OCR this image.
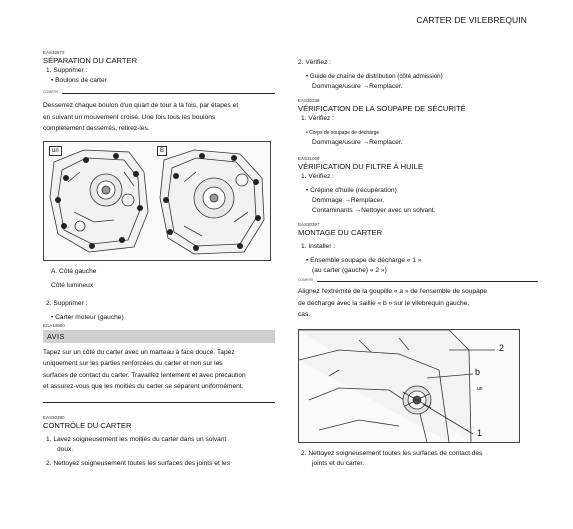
CARTER DE VILEBREQUIN
EAS32673
SÉPARATION DU CARTER
1. Supprimer :
• Boulons de carter
COMERS
Desserrez chaque boulon d'un quart de tour à la fois, par étapes et
en suivant un mouvement croisé. Une fois tous les boulons
complètement desserrés, retirez-les.
un	B
A. Côté gauche
Côté lumineux
2. Supprimer :
• Carter moteur (gauche)
ECA13900
AVIS
Tapez sur un côté du carter avec un marteau à face douce. Tapez
uniquement sur les parties renforcées du carter et non sur les
surfaces de contact du carter. Travaillez lentement et avec précaution
et assurez-vous que les moitiés du carter se séparent uniformément.
EAS30390
CONTRÔLE DU CARTER
1. Lavez soigneusement les moitiés du carter dans un solvant
doux.
2. Nettoyez soigneusement toutes les surfaces des joints et les
2. Vérifiez :
• Guide de chaîne de distribution (côté admission)
Dommage/usure →Remplacer.
EAS30338
VÉRIFICATION DE LA SOUPAPE DE SÉCURITÉ
1. Vérifiez :
• Corps de soupape de décharge
Dommage/usure →Remplacer.
EAS31069
VÉRIFICATION DU FILTRE À HUILE
1. Vérifiez :
• Crépine d'huile (récupération)
Dommage →Remplacer.
Contaminants →Nettoyer avec un solvant.
EAS30397
MONTAGE DU CARTER
1. Installer :
• Ensemble soupape de décharge « 1 »
(au carter (gauche) « 2 »)
COMERS
Alignez l'extrémité de la goupille « a » de l'ensemble de soupape
de décharge avec la saillie « b » sur le vilebrequin gauche.
cas.
b
2
un
1
2. Nettoyez soigneusement toutes les surfaces de contact des
joints et du carter.
